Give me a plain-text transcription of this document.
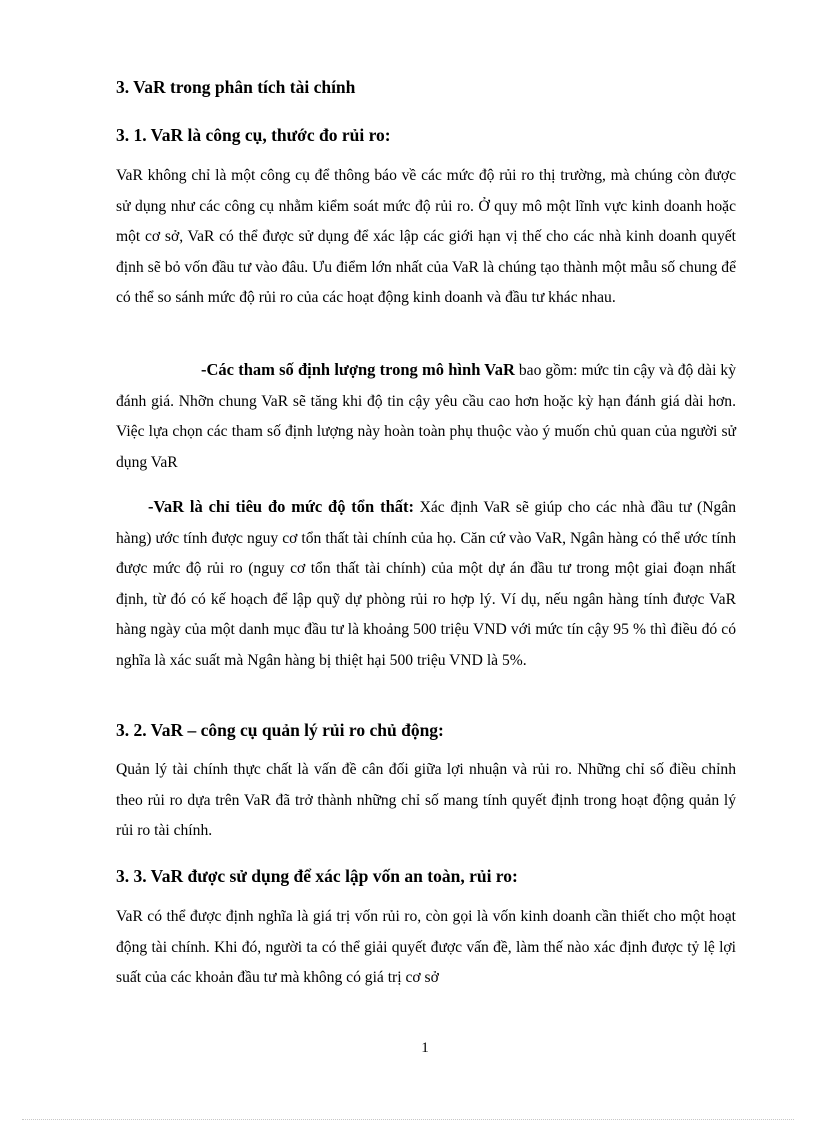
3. VaR trong phân tích tài chính
3. 1. VaR là công cụ, thước đo rủi ro:

VaR không chỉ là một công cụ để thông báo về các mức độ rủi ro thị trường, mà chúng còn được sử dụng như các công cụ nhằm kiểm soát mức độ rủi ro. Ở quy mô một lĩnh vực kinh doanh hoặc một cơ sở, VaR có thể được sử dụng để xác lập các giới hạn vị thế cho các nhà kinh doanh quyết định sẽ bỏ vốn đầu tư vào đâu. Ưu điểm lớn nhất của VaR là chúng tạo thành một mẫu số chung để có thể so sánh mức độ rủi ro của các hoạt động kinh doanh và đầu tư khác nhau.

-Các tham số định lượng trong mô hình VaR bao gồm: mức tin cậy và độ dài kỳ đánh giá. Nhỡn chung VaR sẽ tăng khi độ tin cậy yêu cầu cao hơn hoặc kỳ hạn đánh giá dài hơn. Việc lựa chọn các tham số định lượng này hoàn toàn phụ thuộc vào ý muốn chủ quan của người sử dụng VaR

-VaR là chỉ tiêu đo mức độ tổn thất: Xác định VaR sẽ giúp cho các nhà đầu tư (Ngân hàng) ước tính được nguy cơ tổn thất tài chính của họ. Căn cứ vào VaR, Ngân hàng có thể ước tính được mức độ rủi ro (nguy cơ tổn thất tài chính) của một dự án đầu tư trong một giai đoạn nhất định, từ đó có kế hoạch để lập quỹ dự phòng rủi ro hợp lý. Ví dụ, nếu ngân hàng tính được VaR hàng ngày của một danh mục đầu tư là khoảng 500 triệu VND với mức tín cậy 95 % thì điều đó có nghĩa là xác suất mà Ngân hàng bị thiệt hại 500 triệu VND là 5%.

3. 2. VaR – công cụ quản lý rủi ro chủ động:

Quản lý tài chính thực chất là vấn đề cân đối giữa lợi nhuận và rủi ro. Những chỉ số điều chỉnh theo rủi ro dựa trên VaR đã trở thành những chỉ số mang tính quyết định trong hoạt động quản lý rủi ro tài chính.

3. 3. VaR được sử dụng để xác lập vốn an toàn, rủi ro:

VaR có thể được định nghĩa là giá trị vốn rủi ro, còn gọi là vốn kinh doanh cần thiết cho một hoạt động tài chính. Khi đó, người ta có thể giải quyết được vấn đề, làm thế nào xác định được tỷ lệ lợi suất của các khoản đầu tư mà không có giá trị cơ sở

1
